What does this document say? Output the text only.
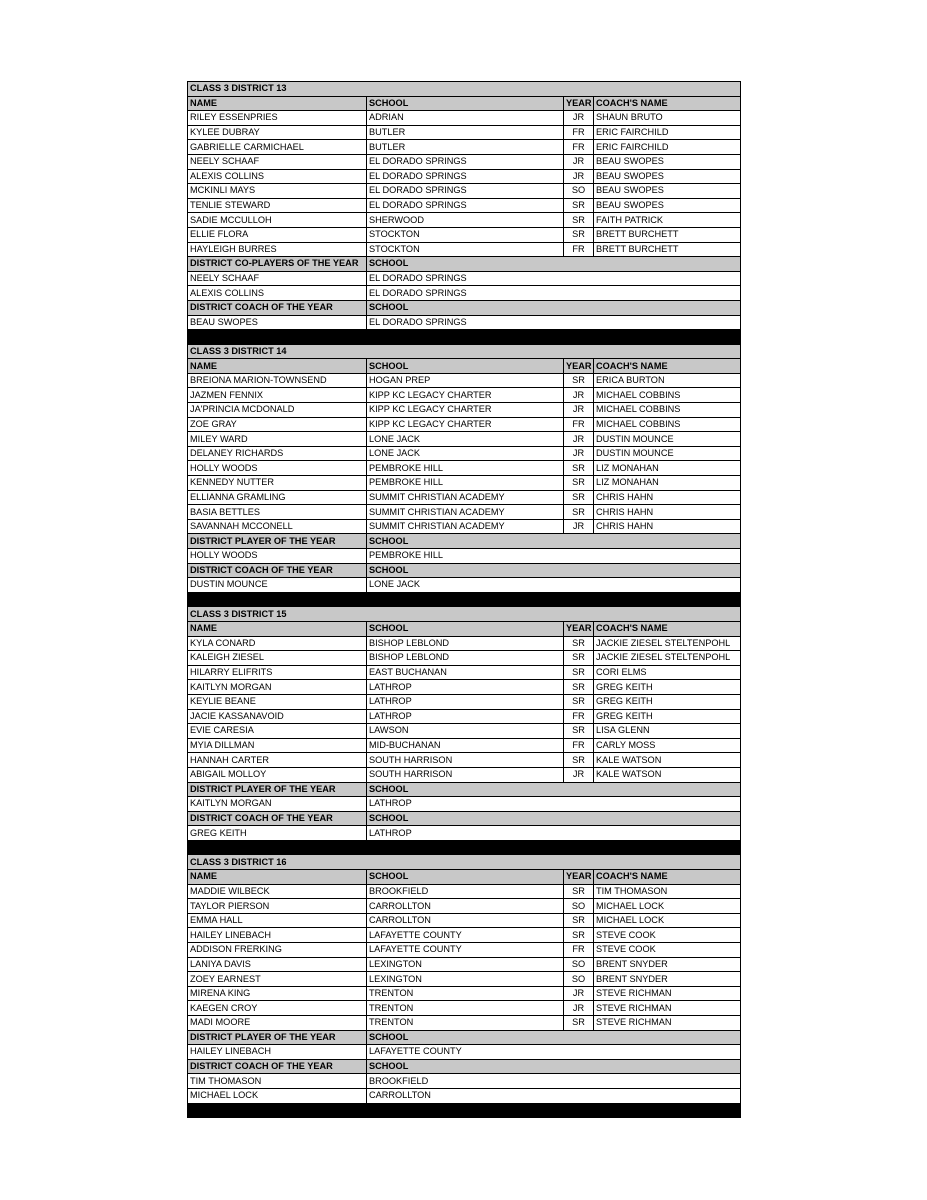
CLASS 3 DISTRICT 13			
NAME	SCHOOL	YEAR	COACH'S NAME
RILEY ESSENPRIES	ADRIAN	JR	SHAUN BRUTO
KYLEE DUBRAY	BUTLER	FR	ERIC FAIRCHILD
GABRIELLE CARMICHAEL	BUTLER	FR	ERIC FAIRCHILD
NEELY SCHAAF	EL DORADO SPRINGS	JR	BEAU SWOPES
ALEXIS COLLINS	EL DORADO SPRINGS	JR	BEAU SWOPES
MCKINLI MAYS	EL DORADO SPRINGS	SO	BEAU SWOPES
TENLIE STEWARD	EL DORADO SPRINGS	SR	BEAU SWOPES
SADIE MCCULLOH	SHERWOOD	SR	FAITH PATRICK
ELLIE FLORA	STOCKTON	SR	BRETT BURCHETT
HAYLEIGH BURRES	STOCKTON	FR	BRETT BURCHETT
DISTRICT CO-PLAYERS OF THE YEAR	SCHOOL		
NEELY SCHAAF	EL DORADO SPRINGS		
ALEXIS COLLINS	EL DORADO SPRINGS		
DISTRICT COACH OF THE YEAR	SCHOOL		
BEAU SWOPES	EL DORADO SPRINGS		

CLASS 3 DISTRICT 14			
NAME	SCHOOL	YEAR	COACH'S NAME
BREIONA MARION-TOWNSEND	HOGAN PREP	SR	ERICA BURTON
JAZMEN FENNIX	KIPP KC LEGACY CHARTER	JR	MICHAEL COBBINS
JA'PRINCIA MCDONALD	KIPP KC LEGACY CHARTER	JR	MICHAEL COBBINS
ZOE GRAY	KIPP KC LEGACY CHARTER	FR	MICHAEL COBBINS
MILEY WARD	LONE JACK	JR	DUSTIN MOUNCE
DELANEY RICHARDS	LONE JACK	JR	DUSTIN MOUNCE
HOLLY WOODS	PEMBROKE HILL	SR	LIZ MONAHAN
KENNEDY NUTTER	PEMBROKE HILL	SR	LIZ MONAHAN
ELLIANNA GRAMLING	SUMMIT CHRISTIAN ACADEMY	SR	CHRIS HAHN
BASIA BETTLES	SUMMIT CHRISTIAN ACADEMY	SR	CHRIS HAHN
SAVANNAH MCCONELL	SUMMIT CHRISTIAN ACADEMY	JR	CHRIS HAHN
DISTRICT PLAYER OF THE YEAR	SCHOOL		
HOLLY WOODS	PEMBROKE HILL		
DISTRICT COACH OF THE YEAR	SCHOOL		
DUSTIN MOUNCE	LONE JACK		

CLASS 3 DISTRICT 15			
NAME	SCHOOL	YEAR	COACH'S NAME
KYLA CONARD	BISHOP LEBLOND	SR	JACKIE ZIESEL STELTENPOHL
KALEIGH ZIESEL	BISHOP LEBLOND	SR	JACKIE ZIESEL STELTENPOHL
HILARRY ELIFRITS	EAST BUCHANAN	SR	CORI ELMS
KAITLYN MORGAN	LATHROP	SR	GREG KEITH
KEYLIE BEANE	LATHROP	SR	GREG KEITH
JACIE KASSANAVOID	LATHROP	FR	GREG KEITH
EVIE CARESIA	LAWSON	SR	LISA GLENN
MYIA DILLMAN	MID-BUCHANAN	FR	CARLY MOSS
HANNAH CARTER	SOUTH HARRISON	SR	KALE WATSON
ABIGAIL MOLLOY	SOUTH HARRISON	JR	KALE WATSON
DISTRICT PLAYER OF THE YEAR	SCHOOL		
KAITLYN MORGAN	LATHROP		
DISTRICT COACH OF THE YEAR	SCHOOL		
GREG KEITH	LATHROP		

CLASS 3 DISTRICT 16			
NAME	SCHOOL	YEAR	COACH'S NAME
MADDIE WILBECK	BROOKFIELD	SR	TIM THOMASON
TAYLOR PIERSON	CARROLLTON	SO	MICHAEL LOCK
EMMA HALL	CARROLLTON	SR	MICHAEL LOCK
HAILEY LINEBACH	LAFAYETTE COUNTY	SR	STEVE COOK
ADDISON FRERKING	LAFAYETTE COUNTY	FR	STEVE COOK
LANIYA DAVIS	LEXINGTON	SO	BRENT SNYDER
ZOEY EARNEST	LEXINGTON	SO	BRENT SNYDER
MIRENA KING	TRENTON	JR	STEVE RICHMAN
KAEGEN CROY	TRENTON	JR	STEVE RICHMAN
MADI MOORE	TRENTON	SR	STEVE RICHMAN
DISTRICT PLAYER OF THE YEAR	SCHOOL		
HAILEY LINEBACH	LAFAYETTE COUNTY		
DISTRICT COACH OF THE YEAR	SCHOOL		
TIM THOMASON	BROOKFIELD		
MICHAEL LOCK	CARROLLTON		
